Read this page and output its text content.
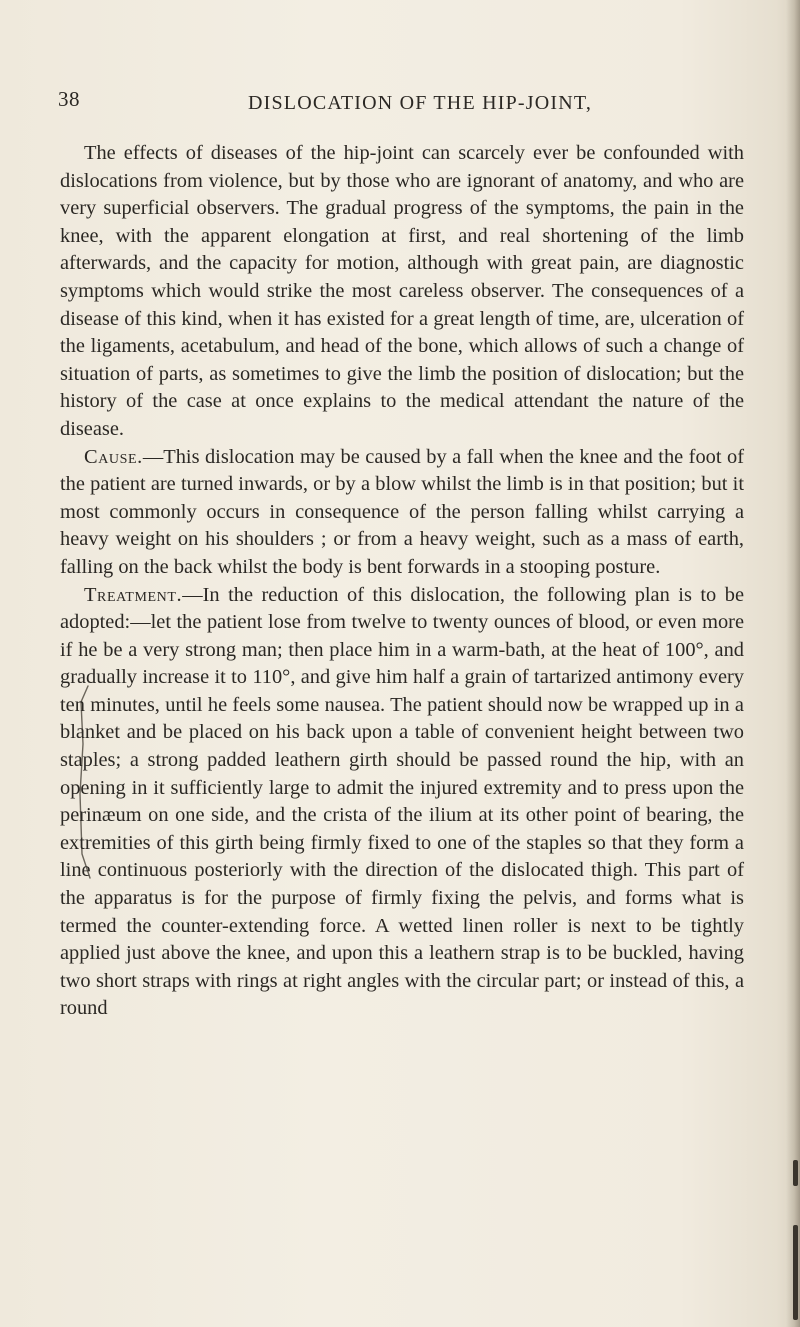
38	DISLOCATION OF THE HIP-JOINT,

The effects of diseases of the hip-joint can scarcely ever be confounded with dislocations from violence, but by those who are ignorant of anatomy, and who are very superficial observers. The gradual progress of the symptoms, the pain in the knee, with the apparent elongation at first, and real shortening of the limb afterwards, and the capacity for motion, although with great pain, are diagnostic symptoms which would strike the most careless observer. The consequences of a disease of this kind, when it has existed for a great length of time, are, ulceration of the ligaments, acetabulum, and head of the bone, which allows of such a change of situation of parts, as sometimes to give the limb the position of dislocation; but the history of the case at once explains to the medical attendant the nature of the disease.

Cause.—This dislocation may be caused by a fall when the knee and the foot of the patient are turned inwards, or by a blow whilst the limb is in that position; but it most commonly occurs in consequence of the person falling whilst carrying a heavy weight on his shoulders ; or from a heavy weight, such as a mass of earth, falling on the back whilst the body is bent forwards in a stooping posture.

Treatment.—In the reduction of this dislocation, the following plan is to be adopted:—let the patient lose from twelve to twenty ounces of blood, or even more if he be a very strong man; then place him in a warm-bath, at the heat of 100°, and gradually increase it to 110°, and give him half a grain of tartarized antimony every ten minutes, until he feels some nausea. The patient should now be wrapped up in a blanket and be placed on his back upon a table of convenient height between two staples; a strong padded leathern girth should be passed round the hip, with an opening in it sufficiently large to admit the injured extremity and to press upon the perinæum on one side, and the crista of the ilium at its other point of bearing, the extremities of this girth being firmly fixed to one of the staples so that they form a line continuous posteriorly with the direction of the dislocated thigh. This part of the apparatus is for the purpose of firmly fixing the pelvis, and forms what is termed the counter-extending force. A wetted linen roller is next to be tightly applied just above the knee, and upon this a leathern strap is to be buckled, having two short straps with rings at right angles with the circular part; or instead of this, a round
